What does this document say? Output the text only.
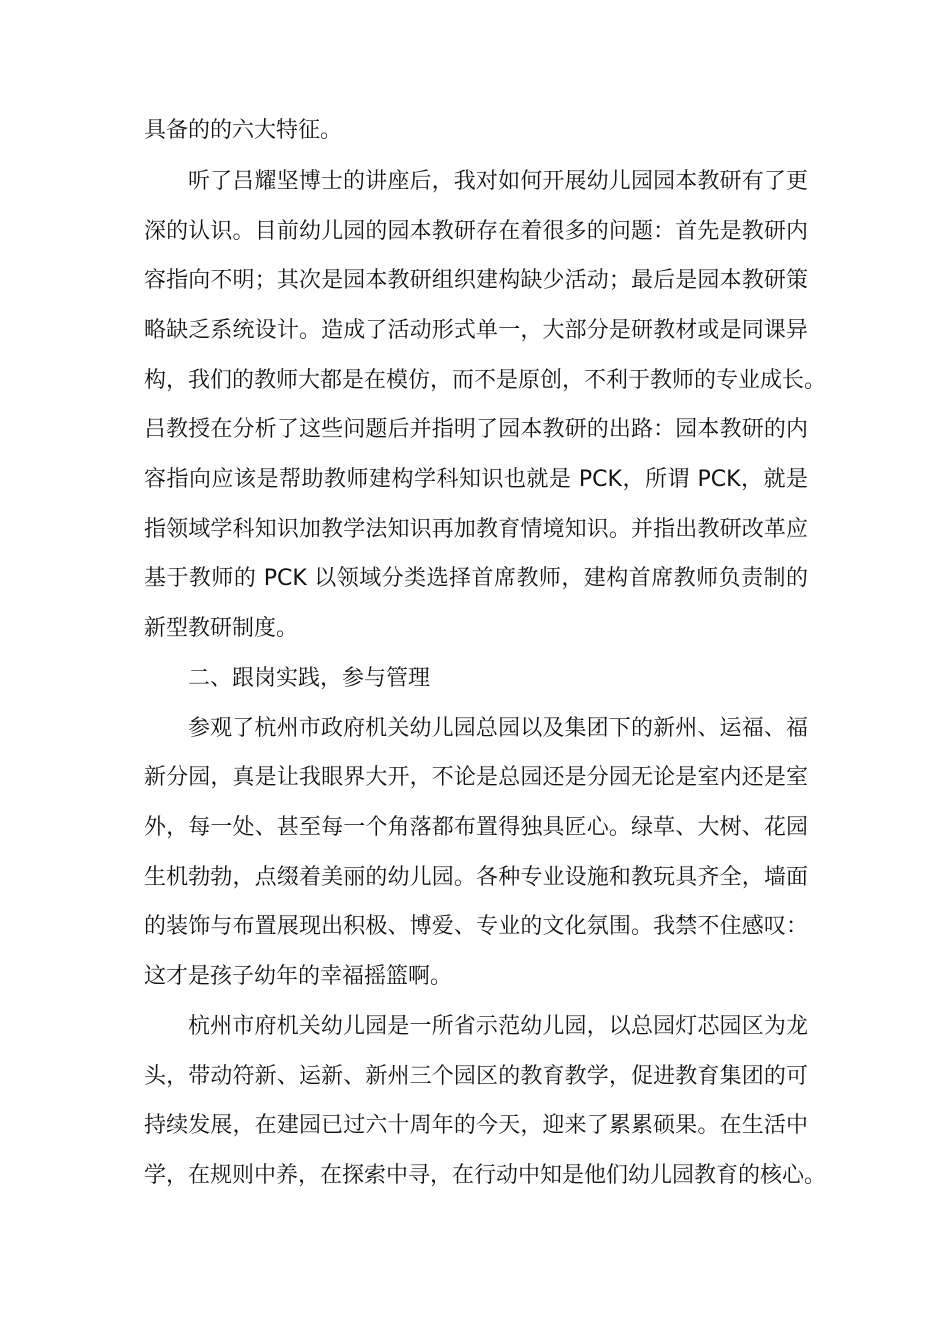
具备的的六大特征。
听了吕耀坚博士的讲座后，我对如何开展幼儿园园本教研有了更
深的认识。目前幼儿园的园本教研存在着很多的问题：首先是教研内
容指向不明；其次是园本教研组织建构缺少活动；最后是园本教研策
略缺乏系统设计。造成了活动形式单一，大部分是研教材或是同课异
构，我们的教师大都是在模仿，而不是原创，不利于教师的专业成长。
吕教授在分析了这些问题后并指明了园本教研的出路：园本教研的内
容指向应该是帮助教师建构学科知识也就是 PCK，所谓 PCK，就是
指领域学科知识加教学法知识再加教育情境知识。并指出教研改革应
基于教师的 PCK 以领域分类选择首席教师，建构首席教师负责制的
新型教研制度。
二、跟岗实践，参与管理
参观了杭州市政府机关幼儿园总园以及集团下的新州、运福、福
新分园，真是让我眼界大开，不论是总园还是分园无论是室内还是室
外，每一处、甚至每一个角落都布置得独具匠心。绿草、大树、花园
生机勃勃，点缀着美丽的幼儿园。各种专业设施和教玩具齐全，墙面
的装饰与布置展现出积极、博爱、专业的文化氛围。我禁不住感叹：
这才是孩子幼年的幸福摇篮啊。
杭州市府机关幼儿园是一所省示范幼儿园，以总园灯芯园区为龙
头，带动符新、运新、新州三个园区的教育教学，促进教育集团的可
持续发展，在建园已过六十周年的今天，迎来了累累硕果。在生活中
学，在规则中养，在探索中寻，在行动中知是他们幼儿园教育的核心。
